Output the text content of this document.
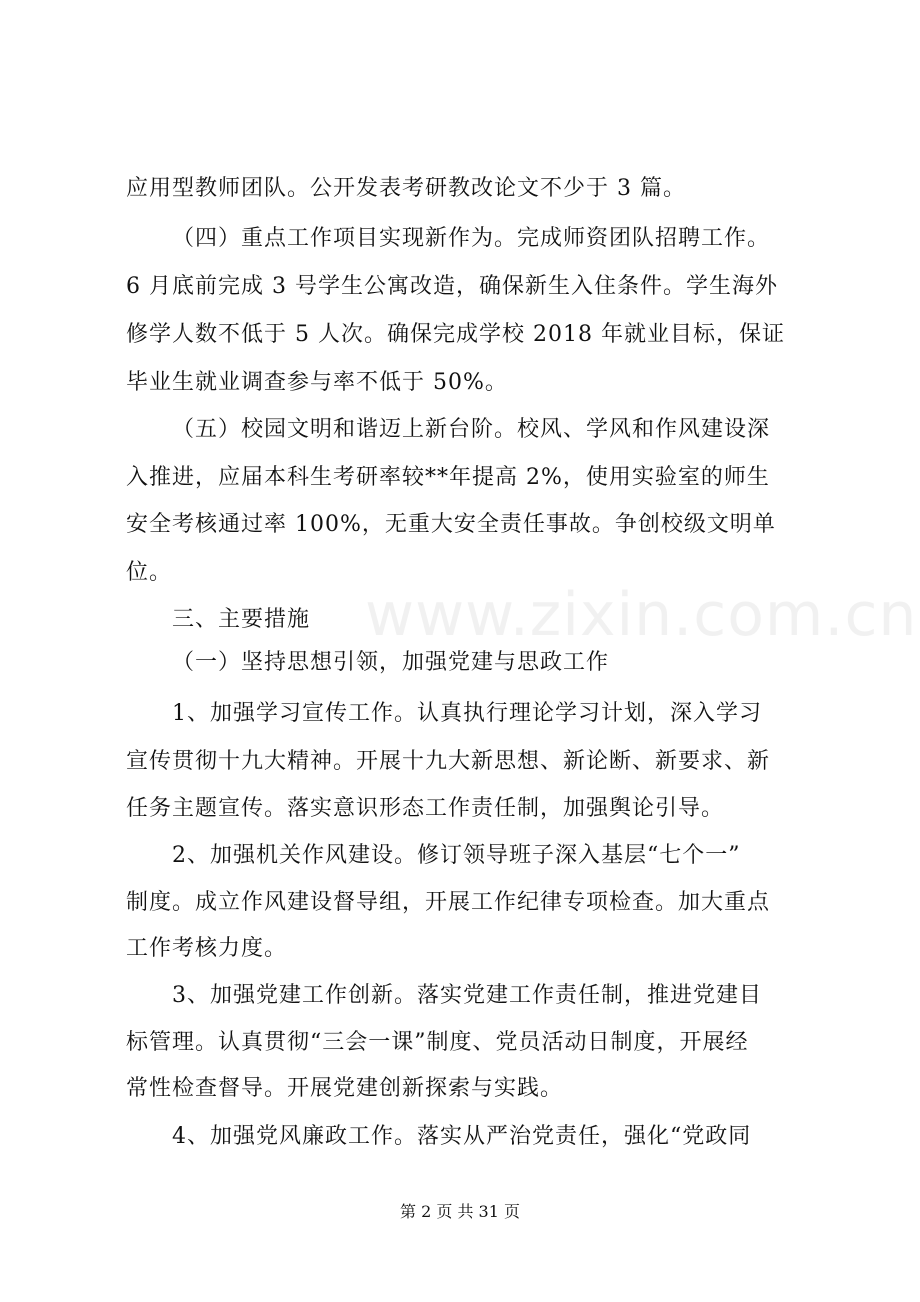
应用型教师团队。公开发表考研教改论文不少于 3 篇。
（四）重点工作项目实现新作为。完成师资团队招聘工作。
6 月底前完成 3 号学生公寓改造，确保新生入住条件。学生海外
修学人数不低于 5 人次。确保完成学校 2018 年就业目标，保证
毕业生就业调查参与率不低于 50%。
（五）校园文明和谐迈上新台阶。校风、学风和作风建设深
入推进，应届本科生考研率较**年提高 2%，使用实验室的师生
安全考核通过率 100%，无重大安全责任事故。争创校级文明单
位。
三、主要措施
（一）坚持思想引领，加强党建与思政工作
1、加强学习宣传工作。认真执行理论学习计划，深入学习
宣传贯彻十九大精神。开展十九大新思想、新论断、新要求、新
任务主题宣传。落实意识形态工作责任制，加强舆论引导。
2、加强机关作风建设。修订领导班子深入基层“七个一”
制度。成立作风建设督导组，开展工作纪律专项检查。加大重点
工作考核力度。
3、加强党建工作创新。落实党建工作责任制，推进党建目
标管理。认真贯彻“三会一课”制度、党员活动日制度，开展经
常性检查督导。开展党建创新探索与实践。
4、加强党风廉政工作。落实从严治党责任，强化“党政同
www.zixin.com.cn
第 2 页 共 31 页
